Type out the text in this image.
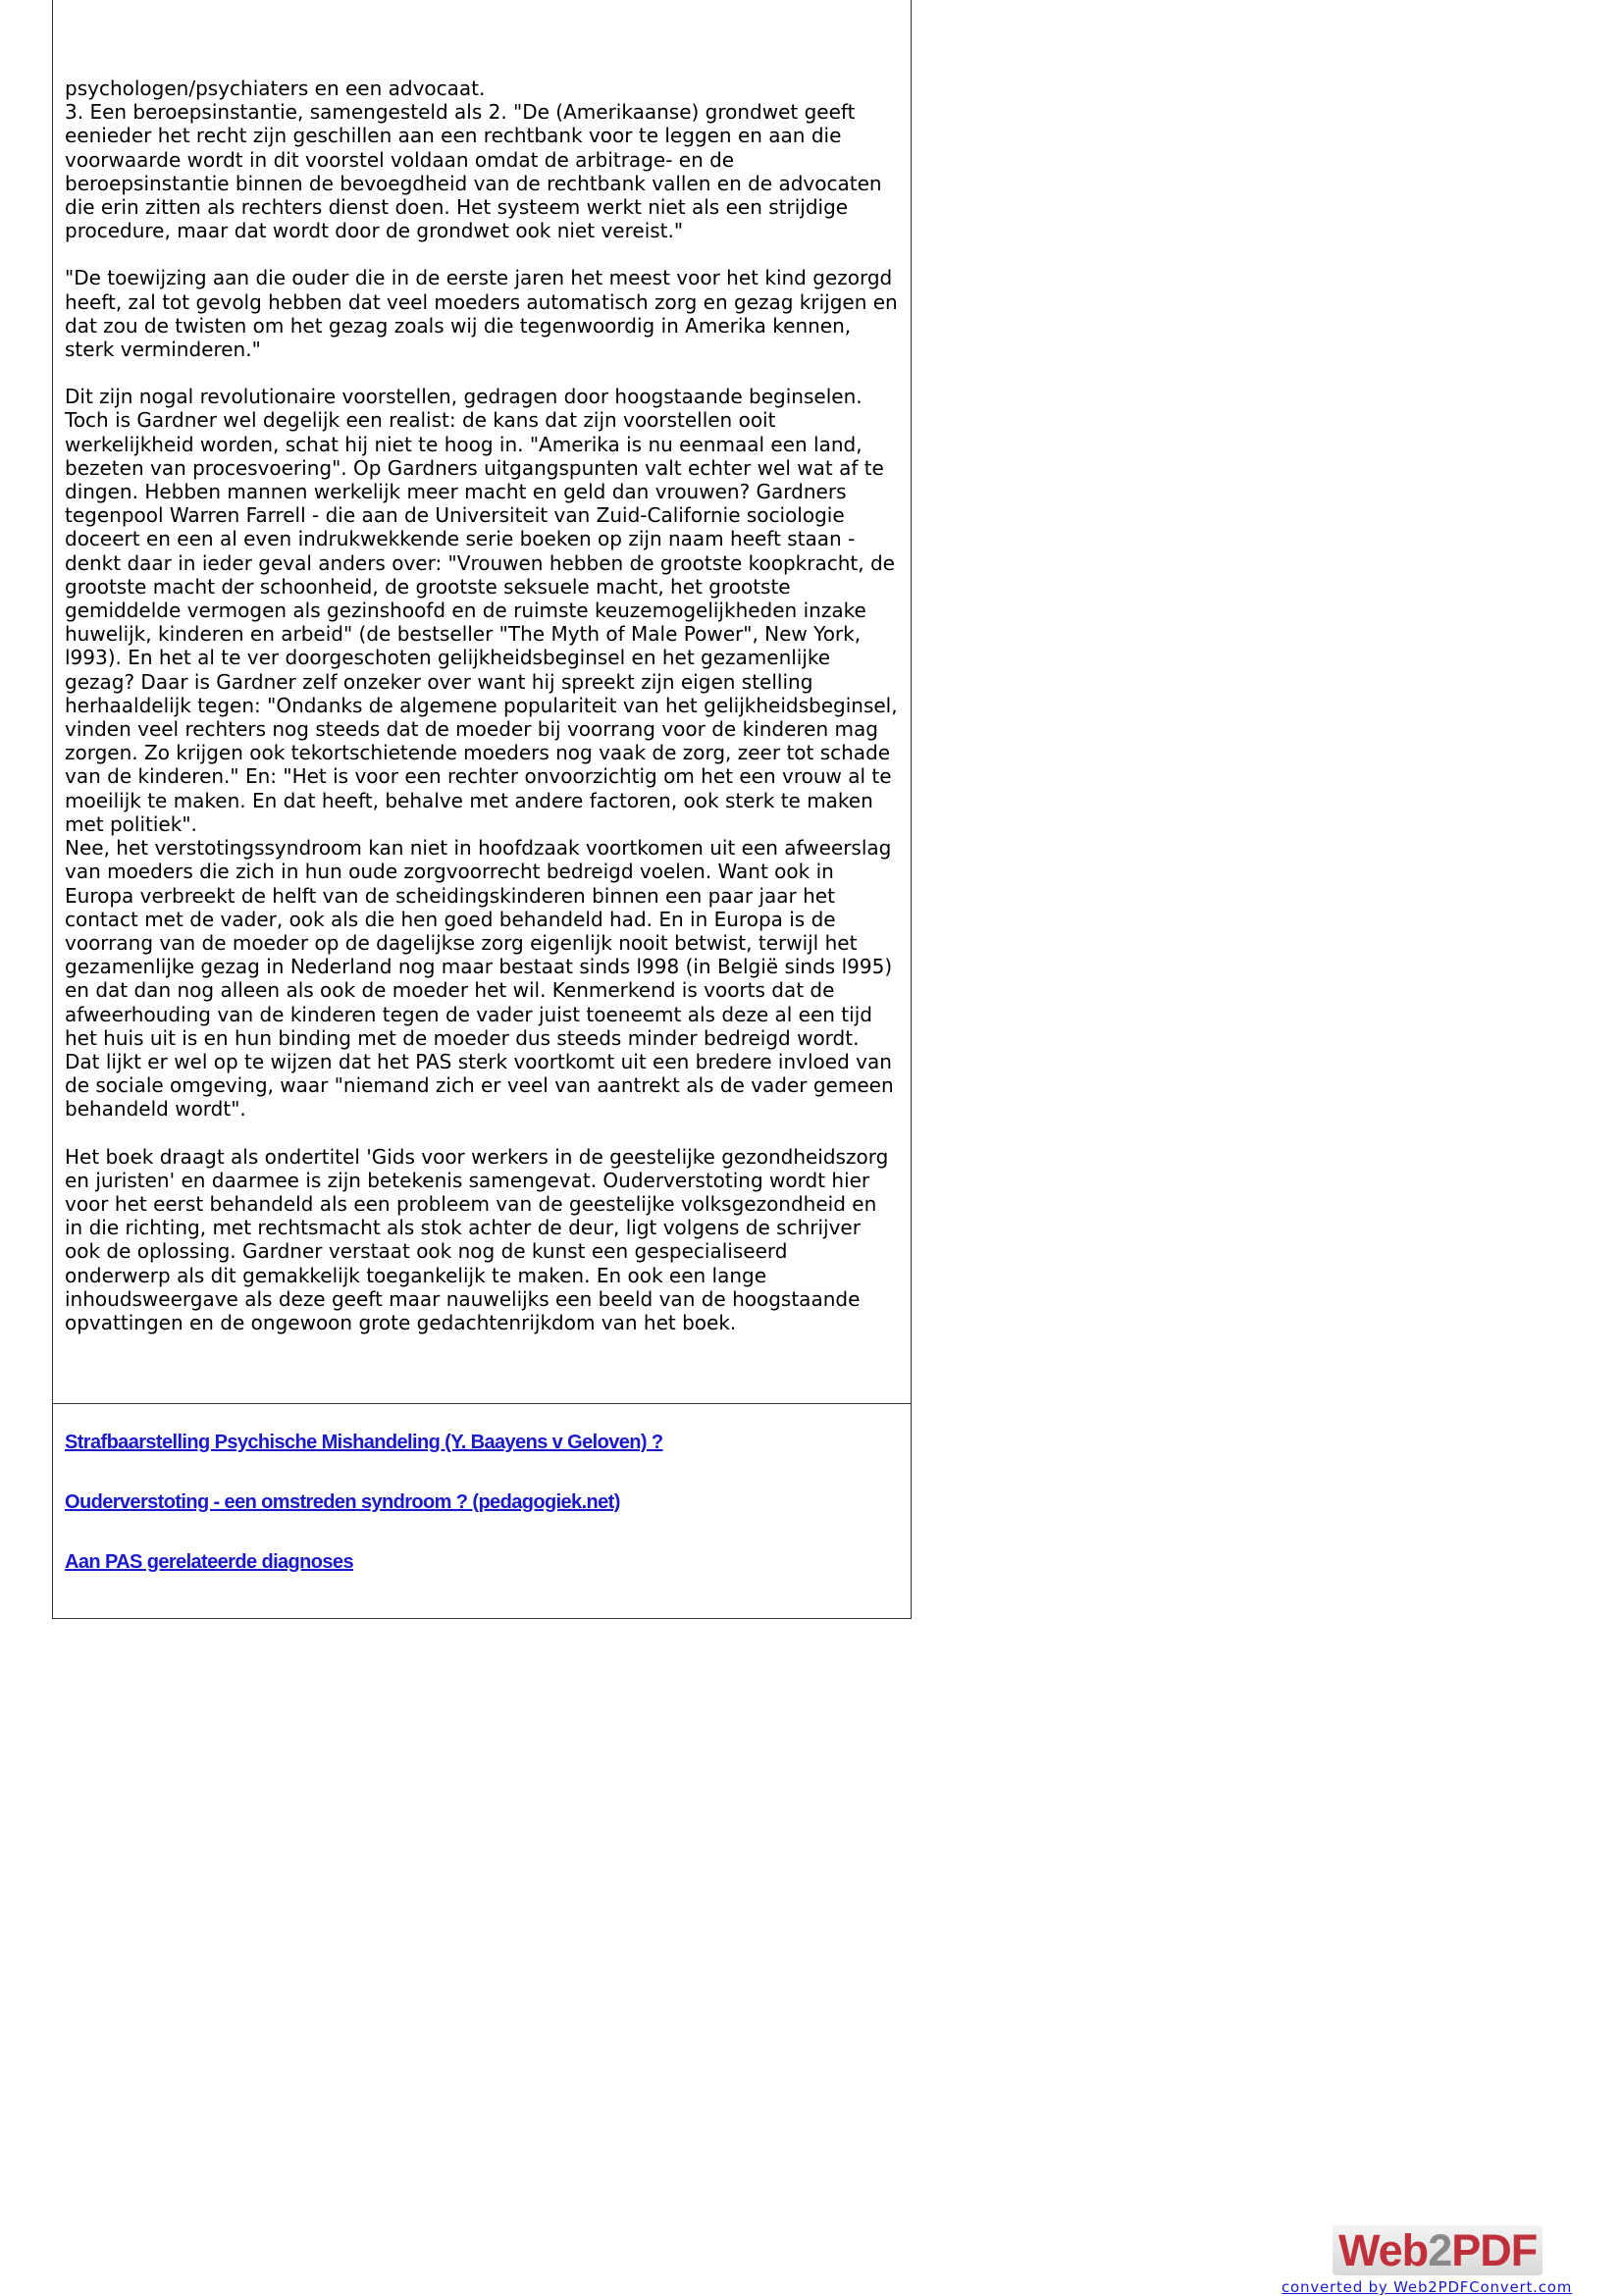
psychologen/psychiaters en een advocaat.
3. Een beroepsinstantie, samengesteld als 2. "De (Amerikaanse) grondwet geeft eenieder het recht zijn geschillen aan een rechtbank voor te leggen en aan die voorwaarde wordt in dit voorstel voldaan omdat de arbitrage- en de beroepsinstantie binnen de bevoegdheid van de rechtbank vallen en de advocaten die erin zitten als rechters dienst doen. Het systeem werkt niet als een strijdige procedure, maar dat wordt door de grondwet ook niet vereist."

"De toewijzing aan die ouder die in de eerste jaren het meest voor het kind gezorgd heeft, zal tot gevolg hebben dat veel moeders automatisch zorg en gezag krijgen en dat zou de twisten om het gezag zoals wij die tegenwoordig in Amerika kennen, sterk verminderen."

Dit zijn nogal revolutionaire voorstellen, gedragen door hoogstaande beginselen. Toch is Gardner wel degelijk een realist: de kans dat zijn voorstellen ooit werkelijkheid worden, schat hij niet te hoog in. "Amerika is nu eenmaal een land, bezeten van procesvoering". Op Gardners uitgangspunten valt echter wel wat af te dingen. Hebben mannen werkelijk meer macht en geld dan vrouwen? Gardners tegenpool Warren Farrell - die aan de Universiteit van Zuid-Californie sociologie doceert en een al even indrukwekkende serie boeken op zijn naam heeft staan - denkt daar in ieder geval anders over: "Vrouwen hebben de grootste koopkracht, de grootste macht der schoonheid, de grootste seksuele macht, het grootste gemiddelde vermogen als gezinshoofd en de ruimste keuzemogelijkheden inzake huwelijk, kinderen en arbeid" (de bestseller "The Myth of Male Power", New York, l993). En het al te ver doorgeschoten gelijkheidsbeginsel en het gezamenlijke gezag? Daar is Gardner zelf onzeker over want hij spreekt zijn eigen stelling herhaaldelijk tegen: "Ondanks de algemene populariteit van het gelijkheidsbeginsel, vinden veel rechters nog steeds dat de moeder bij voorrang voor de kinderen mag zorgen. Zo krijgen ook tekortschietende moeders nog vaak de zorg, zeer tot schade van de kinderen." En: "Het is voor een rechter onvoorzichtig om het een vrouw al te moeilijk te maken. En dat heeft, behalve met andere factoren, ook sterk te maken met politiek".
Nee, het verstotingssyndroom kan niet in hoofdzaak voortkomen uit een afweerslag van moeders die zich in hun oude zorgvoorrecht bedreigd voelen. Want ook in Europa verbreekt de helft van de scheidingskinderen binnen een paar jaar het contact met de vader, ook als die hen goed behandeld had. En in Europa is de voorrang van de moeder op de dagelijkse zorg eigenlijk nooit betwist, terwijl het gezamenlijke gezag in Nederland nog maar bestaat sinds l998 (in België sinds l995) en dat dan nog alleen als ook de moeder het wil. Kenmerkend is voorts dat de afweerhouding van de kinderen tegen de vader juist toeneemt als deze al een tijd het huis uit is en hun binding met de moeder dus steeds minder bedreigd wordt. Dat lijkt er wel op te wijzen dat het PAS sterk voortkomt uit een bredere invloed van de sociale omgeving, waar "niemand zich er veel van aantrekt als de vader gemeen behandeld wordt".

Het boek draagt als ondertitel 'Gids voor werkers in de geestelijke gezondheidszorg en juristen' en daarmee is zijn betekenis samengevat. Ouderverstoting wordt hier voor het eerst behandeld als een probleem van de geestelijke volksgezondheid en in die richting, met rechtsmacht als stok achter de deur, ligt volgens de schrijver ook de oplossing. Gardner verstaat ook nog de kunst een gespecialiseerd onderwerp als dit gemakkelijk toegankelijk te maken. En ook een lange inhoudsweergave als deze geeft maar nauwelijks een beeld van de hoogstaande opvattingen en de ongewoon grote gedachtenrijkdom van het boek.

Strafbaarstelling Psychische Mishandeling (Y. Baayens v Geloven) ?
Ouderverstoting - een omstreden syndroom ? (pedagogiek.net)
Aan PAS gerelateerde diagnoses
Web2PDF
converted by Web2PDFConvert.com
